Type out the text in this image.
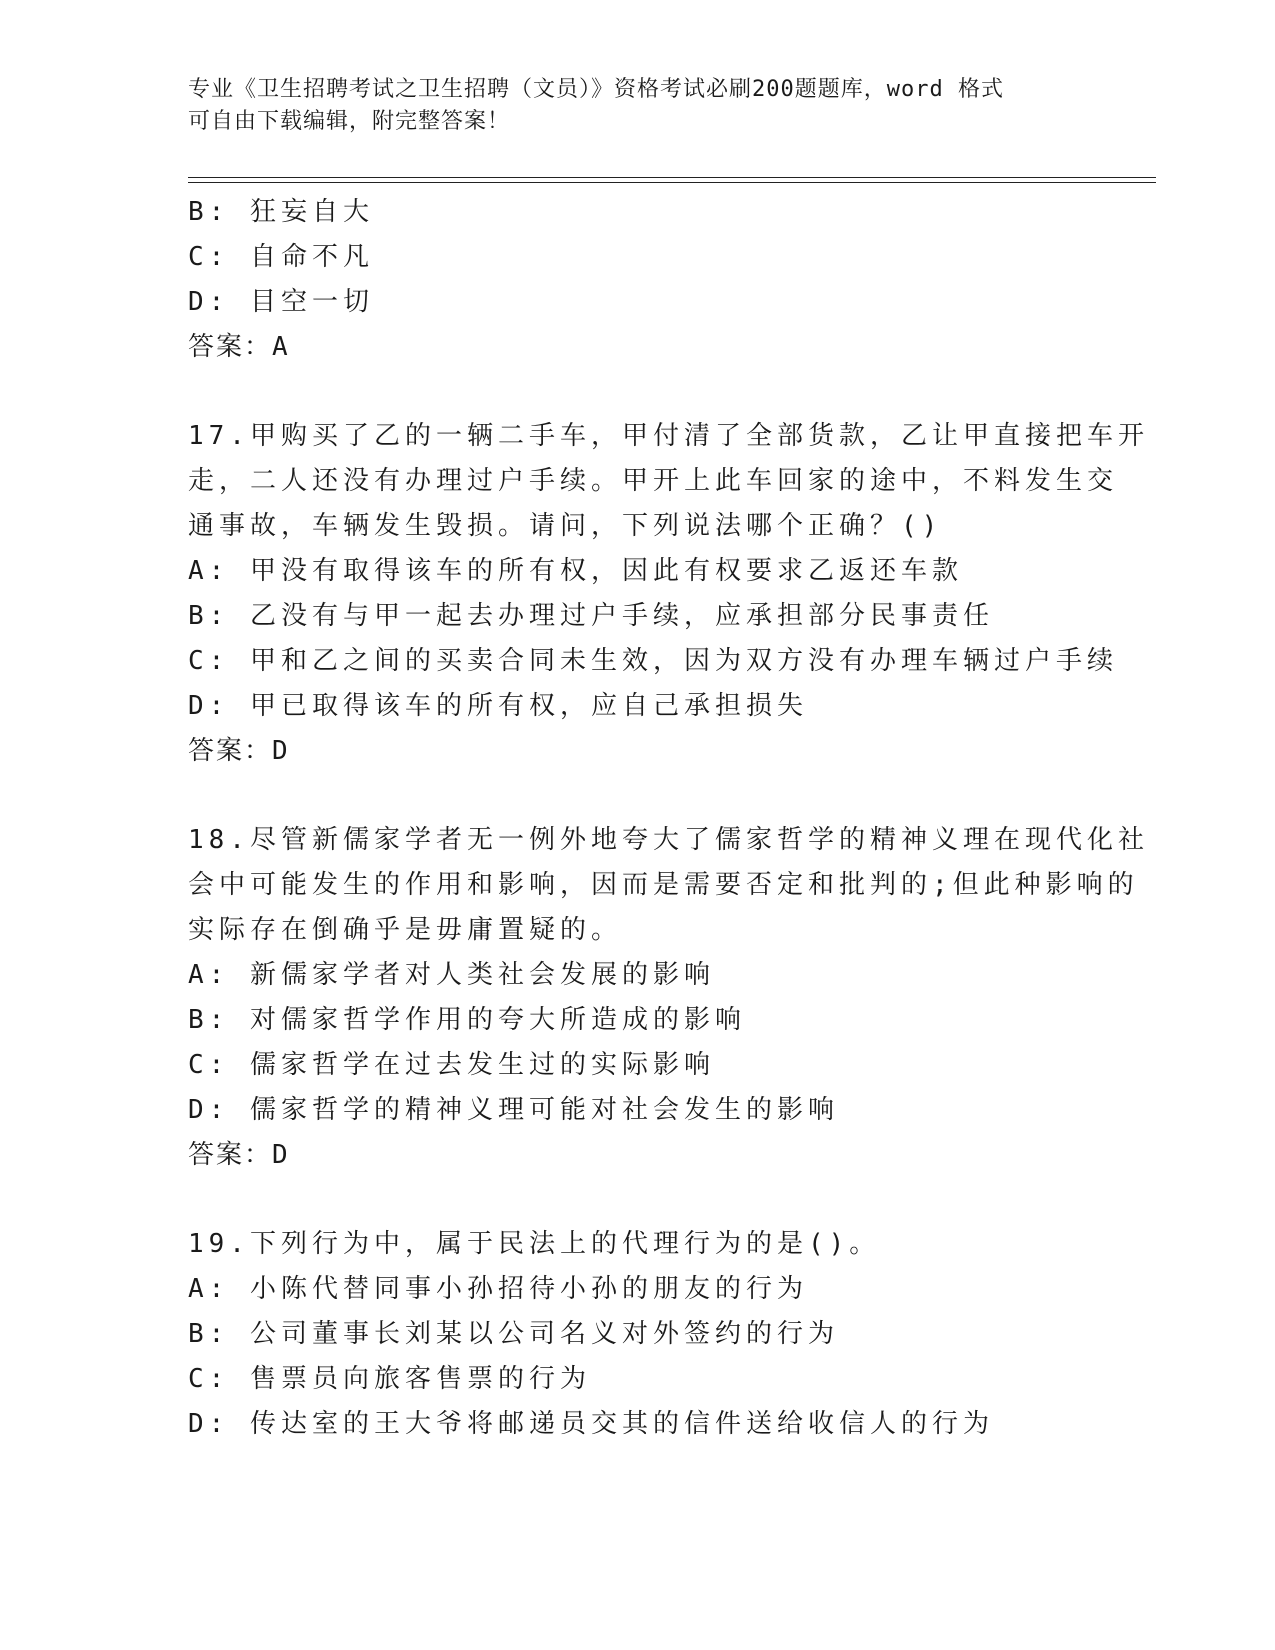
专业《卫生招聘考试之卫生招聘（文员）》资格考试必刷200题题库，word 格式
可自由下载编辑，附完整答案！
B: 狂妄自大
C: 自命不凡
D: 目空一切
答案：A
17.甲购买了乙的一辆二手车，甲付清了全部货款，乙让甲直接把车开
走，二人还没有办理过户手续。甲开上此车回家的途中，不料发生交
通事故，车辆发生毁损。请问，下列说法哪个正确？()
A: 甲没有取得该车的所有权，因此有权要求乙返还车款
B: 乙没有与甲一起去办理过户手续，应承担部分民事责任
C: 甲和乙之间的买卖合同未生效，因为双方没有办理车辆过户手续
D: 甲已取得该车的所有权，应自己承担损失
答案：D
18.尽管新儒家学者无一例外地夸大了儒家哲学的精神义理在现代化社
会中可能发生的作用和影响，因而是需要否定和批判的;但此种影响的
实际存在倒确乎是毋庸置疑的。
A: 新儒家学者对人类社会发展的影响
B: 对儒家哲学作用的夸大所造成的影响
C: 儒家哲学在过去发生过的实际影响
D: 儒家哲学的精神义理可能对社会发生的影响
答案：D
19.下列行为中，属于民法上的代理行为的是()。
A: 小陈代替同事小孙招待小孙的朋友的行为
B: 公司董事长刘某以公司名义对外签约的行为
C: 售票员向旅客售票的行为
D: 传达室的王大爷将邮递员交其的信件送给收信人的行为
